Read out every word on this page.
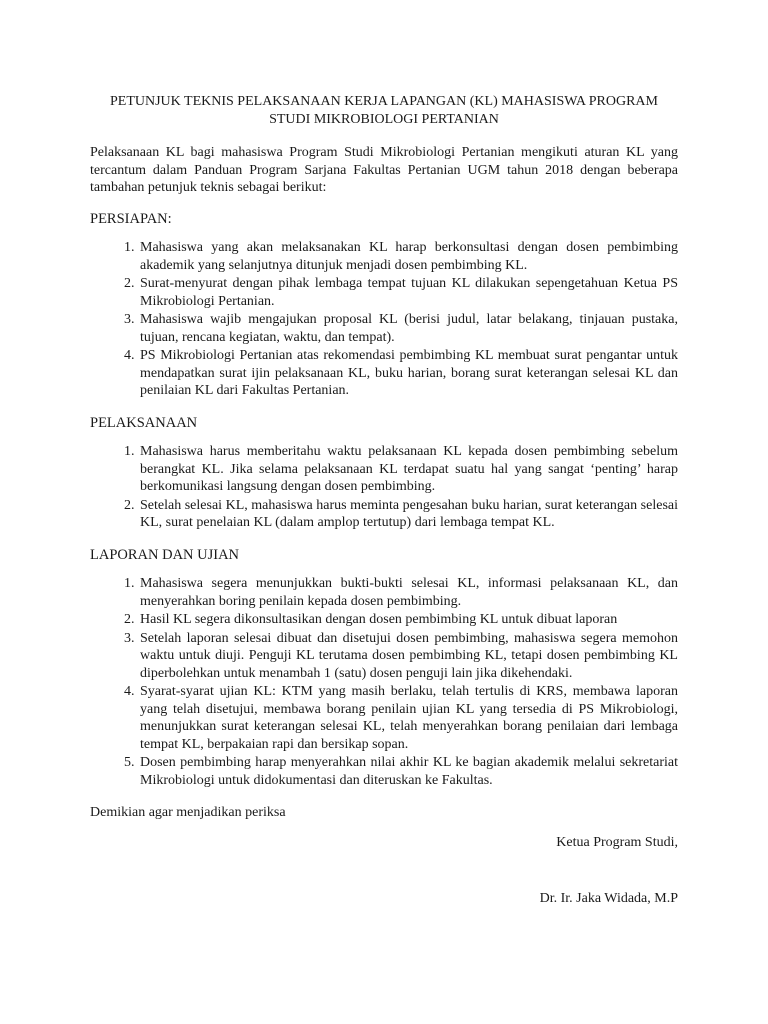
PETUNJUK TEKNIS PELAKSANAAN KERJA LAPANGAN (KL) MAHASISWA PROGRAM
STUDI MIKROBIOLOGI PERTANIAN

Pelaksanaan KL bagi mahasiswa Program Studi Mikrobiologi Pertanian mengikuti aturan KL yang tercantum dalam Panduan Program Sarjana Fakultas Pertanian UGM tahun 2018 dengan beberapa tambahan petunjuk teknis sebagai berikut:

PERSIAPAN:
1. Mahasiswa yang akan melaksanakan KL harap berkonsultasi dengan dosen pembimbing akademik yang selanjutnya ditunjuk menjadi dosen pembimbing KL.
2. Surat-menyurat dengan pihak lembaga tempat tujuan KL dilakukan sepengetahuan Ketua PS Mikrobiologi Pertanian.
3. Mahasiswa wajib mengajukan proposal KL (berisi judul, latar belakang, tinjauan pustaka, tujuan, rencana kegiatan, waktu, dan tempat).
4. PS Mikrobiologi Pertanian atas rekomendasi pembimbing KL membuat surat pengantar untuk mendapatkan surat ijin pelaksanaan KL, buku harian, borang surat keterangan selesai KL dan penilaian KL dari Fakultas Pertanian.
PELAKSANAAN
1. Mahasiswa harus memberitahu waktu pelaksanaan KL kepada dosen pembimbing sebelum berangkat KL. Jika selama pelaksanaan KL terdapat suatu hal yang sangat ‘penting’ harap berkomunikasi langsung dengan dosen pembimbing.
2. Setelah selesai KL, mahasiswa harus meminta pengesahan buku harian, surat keterangan selesai KL, surat penelaian KL (dalam amplop tertutup) dari lembaga tempat KL.
LAPORAN DAN UJIAN
1. Mahasiswa segera menunjukkan bukti-bukti selesai KL, informasi pelaksanaan KL, dan menyerahkan boring penilain kepada dosen pembimbing.
2. Hasil KL segera dikonsultasikan dengan dosen pembimbing KL untuk dibuat laporan
3. Setelah laporan selesai dibuat dan disetujui dosen pembimbing, mahasiswa segera memohon waktu untuk diuji. Penguji KL terutama dosen pembimbing KL, tetapi dosen pembimbing KL diperbolehkan untuk menambah 1 (satu) dosen penguji lain jika dikehendaki.
4. Syarat-syarat ujian KL: KTM yang masih berlaku, telah tertulis di KRS, membawa laporan yang telah disetujui, membawa borang penilain ujian KL yang tersedia di PS Mikrobiologi, menunjukkan surat keterangan selesai KL, telah menyerahkan borang penilaian dari lembaga tempat KL, berpakaian rapi dan bersikap sopan.
5. Dosen pembimbing harap menyerahkan nilai akhir KL ke bagian akademik melalui sekretariat Mikrobiologi untuk didokumentasi dan diteruskan ke Fakultas.

Demikian agar menjadikan periksa

Ketua Program Studi,
Dr. Ir. Jaka Widada, M.P
